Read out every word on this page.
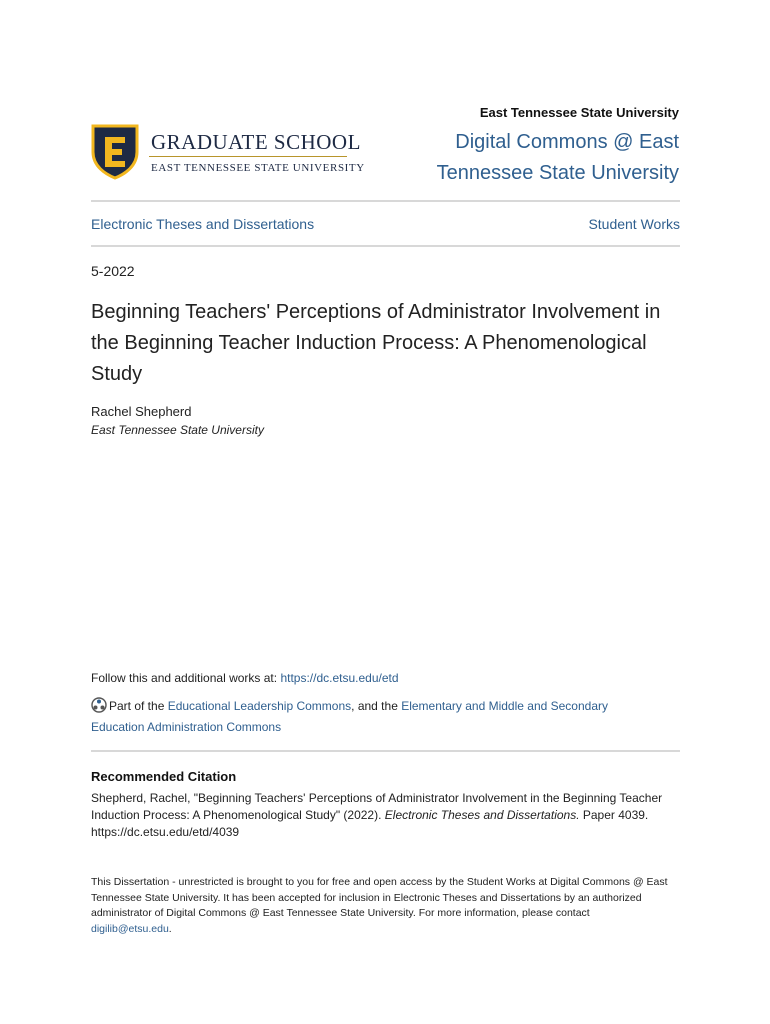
GRADUATE SCHOOL
EAST TENNESSEE STATE UNIVERSITY
East Tennessee State University
Digital Commons @ East Tennessee State University
Electronic Theses and Dissertations	Student Works
5-2022
Beginning Teachers' Perceptions of Administrator Involvement in the Beginning Teacher Induction Process: A Phenomenological Study
Rachel Shepherd
East Tennessee State University
Follow this and additional works at: https://dc.etsu.edu/etd
Part of the Educational Leadership Commons, and the Elementary and Middle and Secondary Education Administration Commons
Recommended Citation
Shepherd, Rachel, "Beginning Teachers' Perceptions of Administrator Involvement in the Beginning Teacher Induction Process: A Phenomenological Study" (2022). Electronic Theses and Dissertations. Paper 4039. https://dc.etsu.edu/etd/4039
This Dissertation - unrestricted is brought to you for free and open access by the Student Works at Digital Commons @ East Tennessee State University. It has been accepted for inclusion in Electronic Theses and Dissertations by an authorized administrator of Digital Commons @ East Tennessee State University. For more information, please contact digilib@etsu.edu.
